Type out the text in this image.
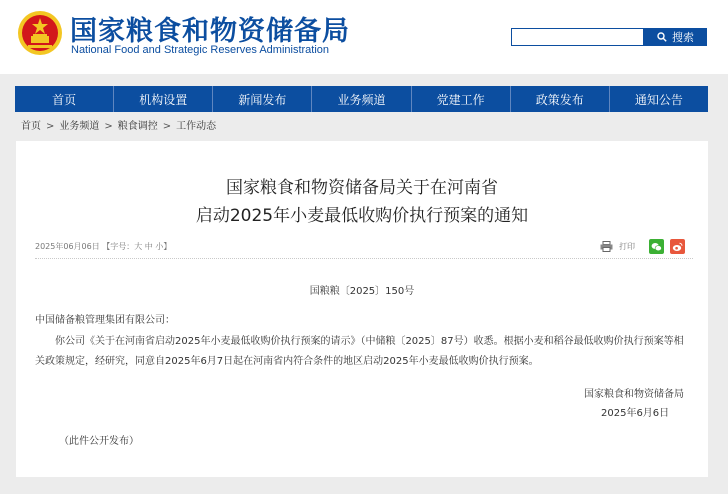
国家粮食和物资储备局
National Food and Strategic Reserves Administration
搜索
首页	机构设置	新闻发布	业务频道	党建工作	政策发布	通知公告
首页 > 业务频道 > 粮食调控 > 工作动态
国家粮食和物资储备局关于在河南省
启动2025年小麦最低收购价执行预案的通知
2025年06月06日 【字号：大 中 小】	打印
国粮粮〔2025〕150号
中国储备粮管理集团有限公司：
你公司《关于在河南省启动2025年小麦最低收购价执行预案的请示》（中储粮〔2025〕87号）收悉。根据小麦和稻谷最低收购价执行预案等相关政策规定，经研究，同意自2025年6月7日起在河南省内符合条件的地区启动2025年小麦最低收购价执行预案。
国家粮食和物资储备局
2025年6月6日
（此件公开发布）
